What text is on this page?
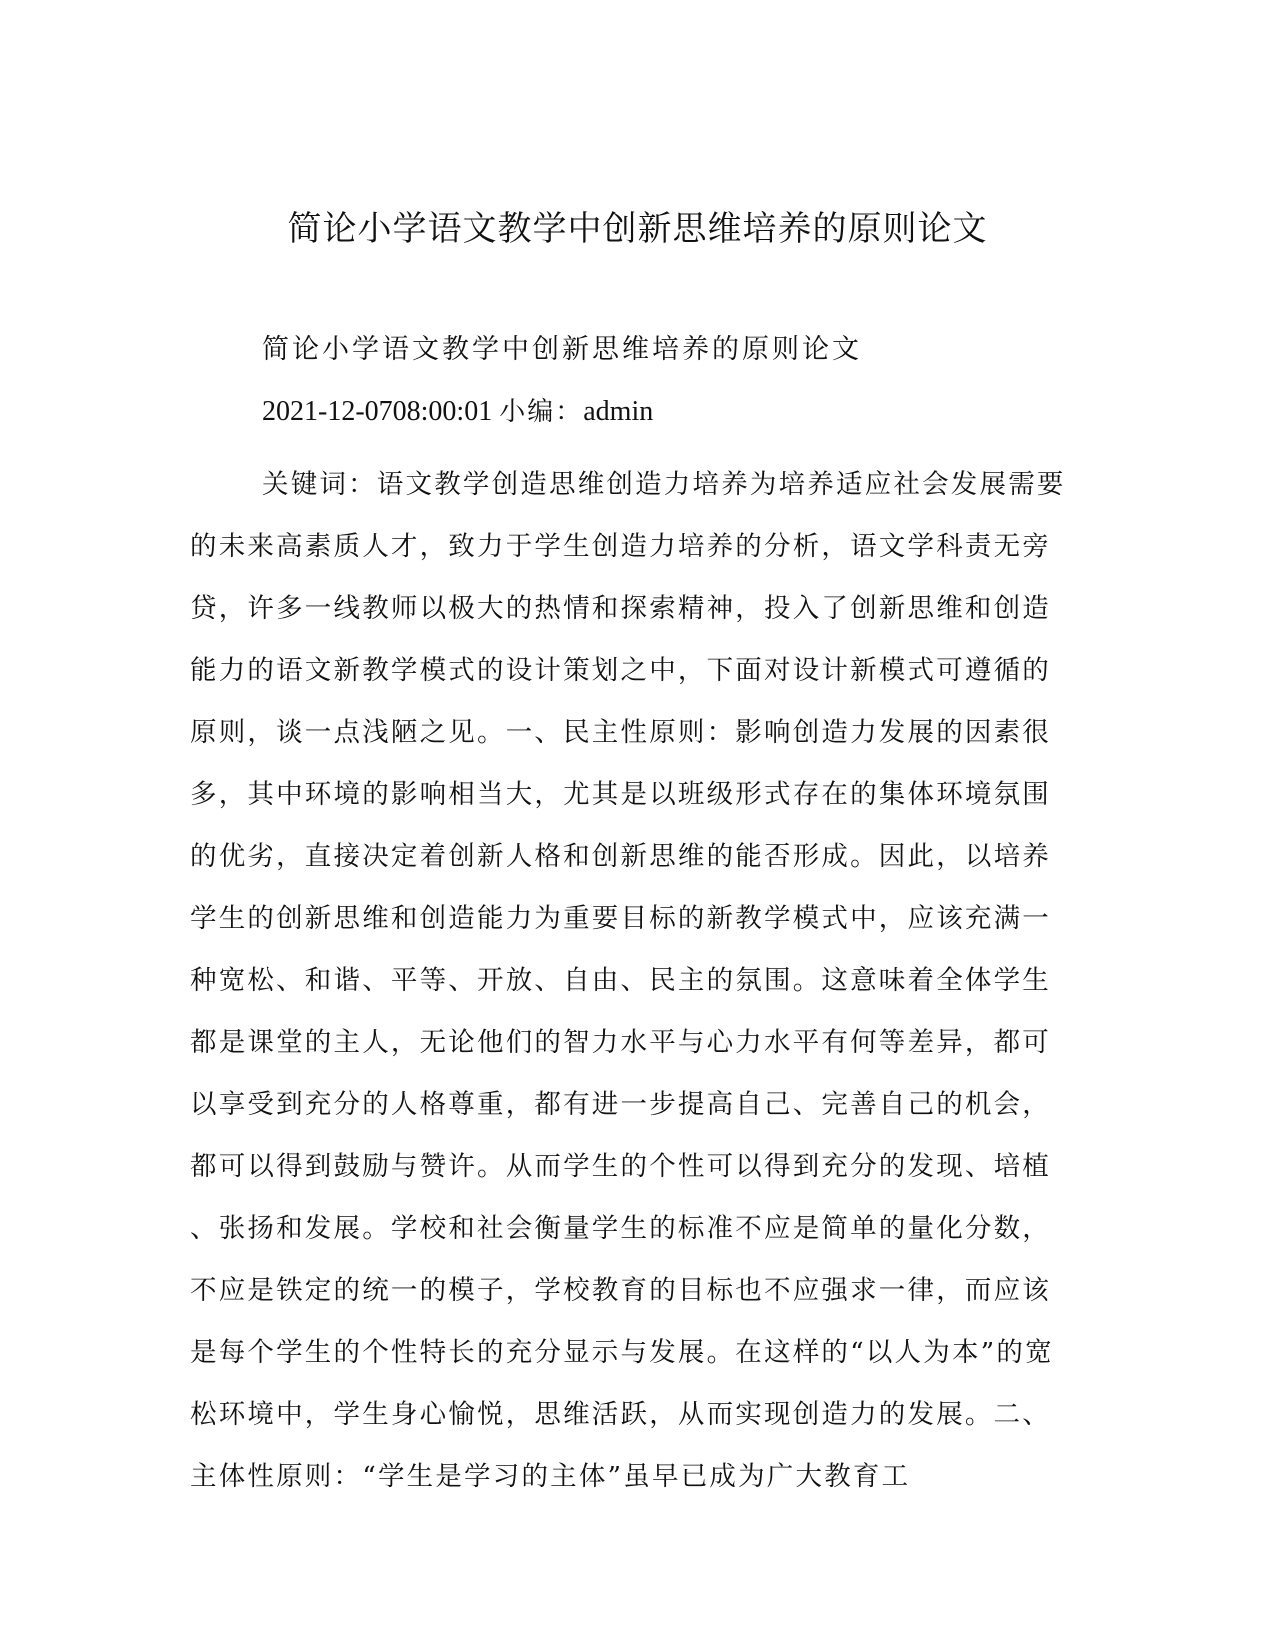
简论小学语文教学中创新思维培养的原则论文
简论小学语文教学中创新思维培养的原则论文
2021-12-0708:00:01 小编：admin
关键词：语文教学创造思维创造力培养为培养适应社会发展需要
的未来高素质人才，致力于学生创造力培养的分析，语文学科责无旁
贷，许多一线教师以极大的热情和探索精神，投入了创新思维和创造
能力的语文新教学模式的设计策划之中，下面对设计新模式可遵循的
原则，谈一点浅陋之见。一、民主性原则：影响创造力发展的因素很
多，其中环境的影响相当大，尤其是以班级形式存在的集体环境氛围
的优劣，直接决定着创新人格和创新思维的能否形成。因此，以培养
学生的创新思维和创造能力为重要目标的新教学模式中，应该充满一
种宽松、和谐、平等、开放、自由、民主的氛围。这意味着全体学生
都是课堂的主人，无论他们的智力水平与心力水平有何等差异，都可
以享受到充分的人格尊重，都有进一步提高自己、完善自己的机会，
都可以得到鼓励与赞许。从而学生的个性可以得到充分的发现、培植
、张扬和发展。学校和社会衡量学生的标准不应是简单的量化分数，
不应是铁定的统一的模子，学校教育的目标也不应强求一律，而应该
是每个学生的个性特长的充分显示与发展。在这样的“以人为本”的宽
松环境中，学生身心愉悦，思维活跃，从而实现创造力的发展。二、
主体性原则：“学生是学习的主体”虽早已成为广大教育工
